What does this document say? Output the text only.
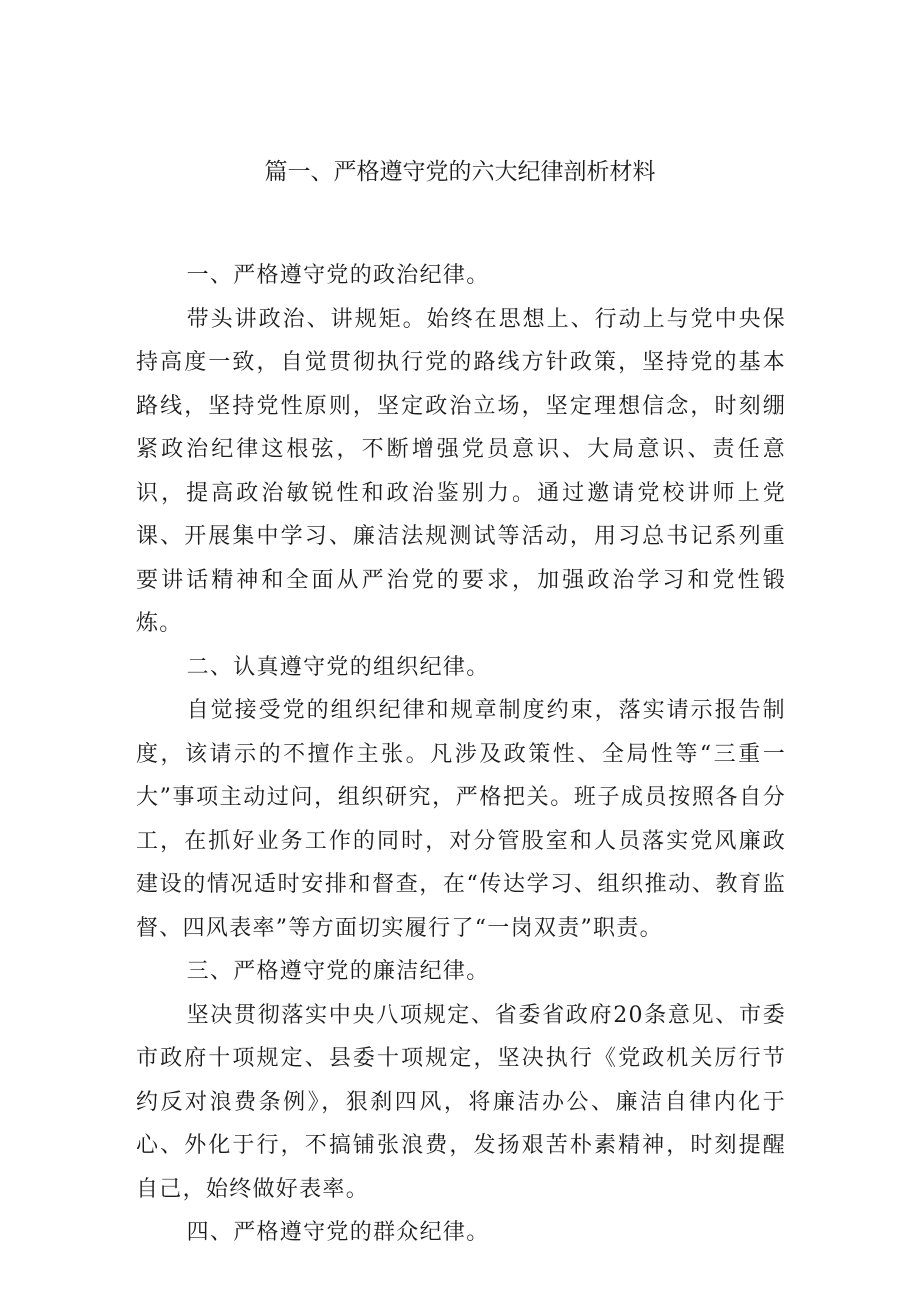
篇一、严格遵守党的六大纪律剖析材料

一、严格遵守党的政治纪律。

带头讲政治、讲规矩。始终在思想上、行动上与党中央保持高度一致，自觉贯彻执行党的路线方针政策，坚持党的基本路线，坚持党性原则，坚定政治立场，坚定理想信念，时刻绷紧政治纪律这根弦，不断增强党员意识、大局意识、责任意识，提高政治敏锐性和政治鉴别力。通过邀请党校讲师上党课、开展集中学习、廉洁法规测试等活动，用习总书记系列重要讲话精神和全面从严治党的要求，加强政治学习和党性锻炼。

二、认真遵守党的组织纪律。

自觉接受党的组织纪律和规章制度约束，落实请示报告制度，该请示的不擅作主张。凡涉及政策性、全局性等“三重一大”事项主动过问，组织研究，严格把关。班子成员按照各自分工，在抓好业务工作的同时，对分管股室和人员落实党风廉政建设的情况适时安排和督查，在“传达学习、组织推动、教育监督、四风表率”等方面切实履行了“一岗双责”职责。

三、严格遵守党的廉洁纪律。

坚决贯彻落实中央八项规定、省委省政府20条意见、市委市政府十项规定、县委十项规定，坚决执行《党政机关厉行节约反对浪费条例》，狠刹四风，将廉洁办公、廉洁自律内化于心、外化于行，不搞铺张浪费，发扬艰苦朴素精神，时刻提醒自己，始终做好表率。

四、严格遵守党的群众纪律。
